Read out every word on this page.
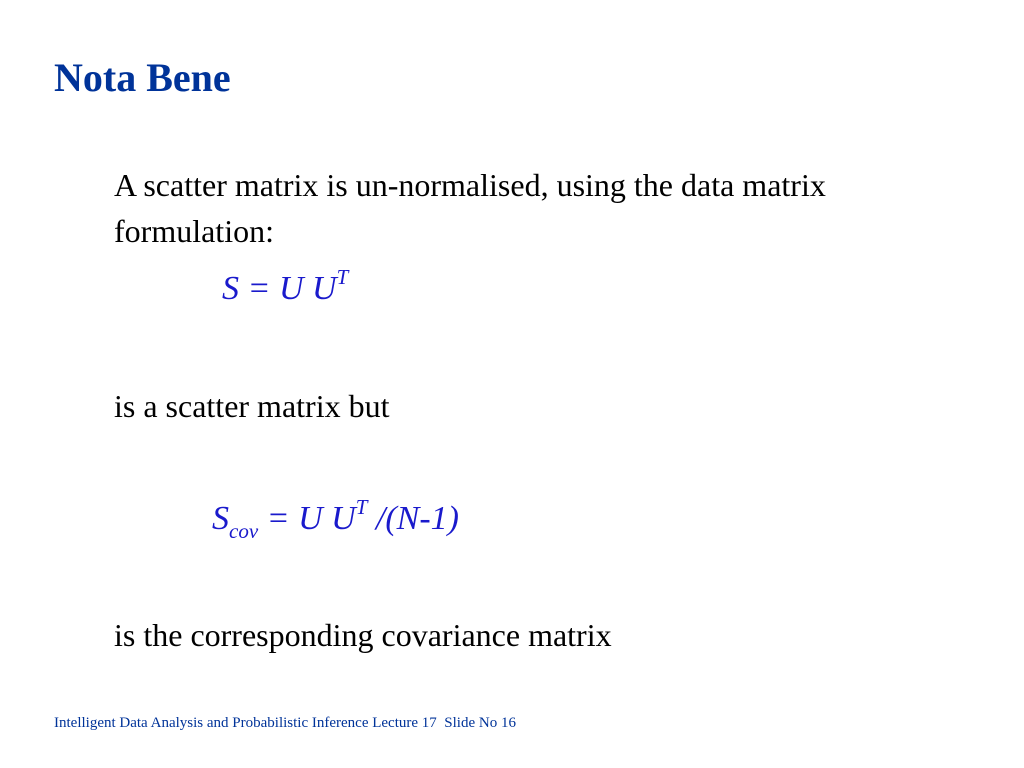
Nota Bene
A scatter matrix is un-normalised, using the data matrix formulation:
S = U $U^T$
is a scatter matrix but
$S_{cov} = U$ $U^T$ /(N-1)
is the corresponding covariance matrix
Intelligent Data Analysis and Probabilistic Inference Lecture 17  Slide No 16
